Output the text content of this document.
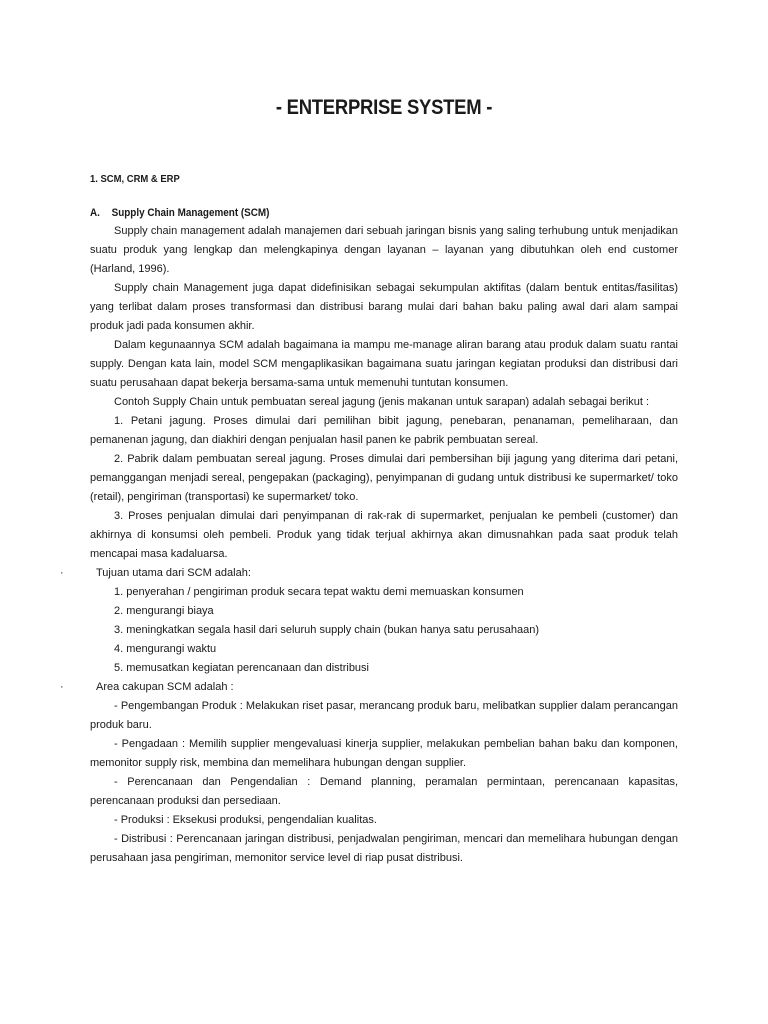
- ENTERPRISE SYSTEM -
1. SCM, CRM & ERP
A. Supply Chain Management (SCM)

Supply chain management adalah manajemen dari sebuah jaringan bisnis yang saling terhubung untuk menjadikan suatu produk yang lengkap dan melengkapinya dengan layanan – layanan yang dibutuhkan oleh end customer (Harland, 1996).

Supply chain Management juga dapat didefinisikan sebagai sekumpulan aktifitas (dalam bentuk entitas/fasilitas) yang terlibat dalam proses transformasi dan distribusi barang mulai dari bahan baku paling awal dari alam sampai produk jadi pada konsumen akhir.

Dalam kegunaannya SCM adalah bagaimana ia mampu me-manage aliran barang atau produk dalam suatu rantai supply. Dengan kata lain, model SCM mengaplikasikan bagaimana suatu jaringan kegiatan produksi dan distribusi dari suatu perusahaan dapat bekerja bersama-sama untuk memenuhi tuntutan konsumen.

Contoh Supply Chain untuk pembuatan sereal jagung (jenis makanan untuk sarapan) adalah sebagai berikut :

1. Petani jagung. Proses dimulai dari pemilihan bibit jagung, penebaran, penanaman, pemeliharaan, dan pemanenan jagung, dan diakhiri dengan penjualan hasil panen ke pabrik pembuatan sereal.

2. Pabrik dalam pembuatan sereal jagung. Proses dimulai dari pembersihan biji jagung yang diterima dari petani, pemanggangan menjadi sereal, pengepakan (packaging), penyimpanan di gudang untuk distribusi ke supermarket/ toko (retail), pengiriman (transportasi) ke supermarket/ toko.

3. Proses penjualan dimulai dari penyimpanan di rak-rak di supermarket, penjualan ke pembeli (customer) dan akhirnya di konsumsi oleh pembeli. Produk yang tidak terjual akhirnya akan dimusnahkan pada saat produk telah mencapai masa kadaluarsa.

·	Tujuan utama dari SCM adalah:

1. penyerahan / pengiriman produk secara tepat waktu demi memuaskan konsumen

2. mengurangi biaya

3. meningkatkan segala hasil dari seluruh supply chain (bukan hanya satu perusahaan)

4. mengurangi waktu

5. memusatkan kegiatan perencanaan dan distribusi

·	Area cakupan SCM adalah :

- Pengembangan Produk : Melakukan riset pasar, merancang produk baru, melibatkan supplier dalam perancangan produk baru.

- Pengadaan : Memilih supplier mengevaluasi kinerja supplier, melakukan pembelian bahan baku dan komponen, memonitor supply risk, membina dan memelihara hubungan dengan supplier.

- Perencanaan dan Pengendalian : Demand planning, peramalan permintaan, perencanaan kapasitas, perencanaan produksi dan persediaan.

- Produksi : Eksekusi produksi, pengendalian kualitas.

- Distribusi : Perencanaan jaringan distribusi, penjadwalan pengiriman, mencari dan memelihara hubungan dengan perusahaan jasa pengiriman, memonitor service level di riap pusat distribusi.
